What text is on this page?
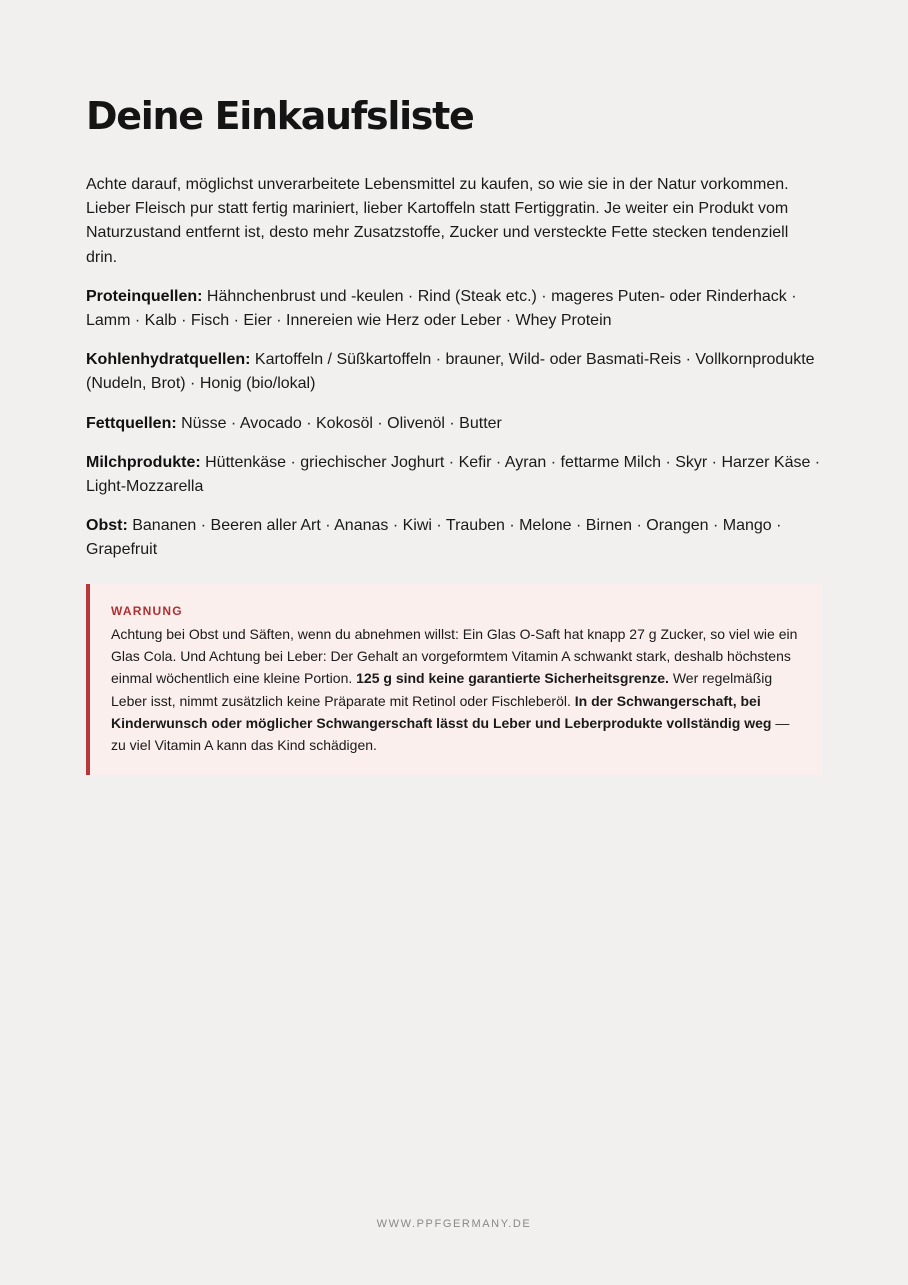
Deine Einkaufsliste

Achte darauf, möglichst unverarbeitete Lebensmittel zu kaufen, so wie sie in der Natur vorkommen. Lieber Fleisch pur statt fertig mariniert, lieber Kartoffeln statt Fertiggratin. Je weiter ein Produkt vom Naturzustand entfernt ist, desto mehr Zusatzstoffe, Zucker und versteckte Fette stecken tendenziell drin.

Proteinquellen: Hähnchenbrust und -keulen · Rind (Steak etc.) · mageres Puten- oder Rinderhack · Lamm · Kalb · Fisch · Eier · Innereien wie Herz oder Leber · Whey Protein

Kohlenhydratquellen: Kartoffeln / Süßkartoffeln · brauner, Wild- oder Basmati-Reis · Vollkornprodukte (Nudeln, Brot) · Honig (bio/lokal)

Fettquellen: Nüsse · Avocado · Kokosöl · Olivenöl · Butter

Milchprodukte: Hüttenkäse · griechischer Joghurt · Kefir · Ayran · fettarme Milch · Skyr · Harzer Käse · Light-Mozzarella

Obst: Bananen · Beeren aller Art · Ananas · Kiwi · Trauben · Melone · Birnen · Orangen · Mango · Grapefruit

WARNUNG
Achtung bei Obst und Säften, wenn du abnehmen willst: Ein Glas O-Saft hat knapp 27 g Zucker, so viel wie ein Glas Cola. Und Achtung bei Leber: Der Gehalt an vorgeformtem Vitamin A schwankt stark, deshalb höchstens einmal wöchentlich eine kleine Portion. 125 g sind keine garantierte Sicherheitsgrenze. Wer regelmäßig Leber isst, nimmt zusätzlich keine Präparate mit Retinol oder Fischleberöl. In der Schwangerschaft, bei Kinderwunsch oder möglicher Schwangerschaft lässt du Leber und Leberprodukte vollständig weg — zu viel Vitamin A kann das Kind schädigen.
WWW.PPFGERMANY.DE
